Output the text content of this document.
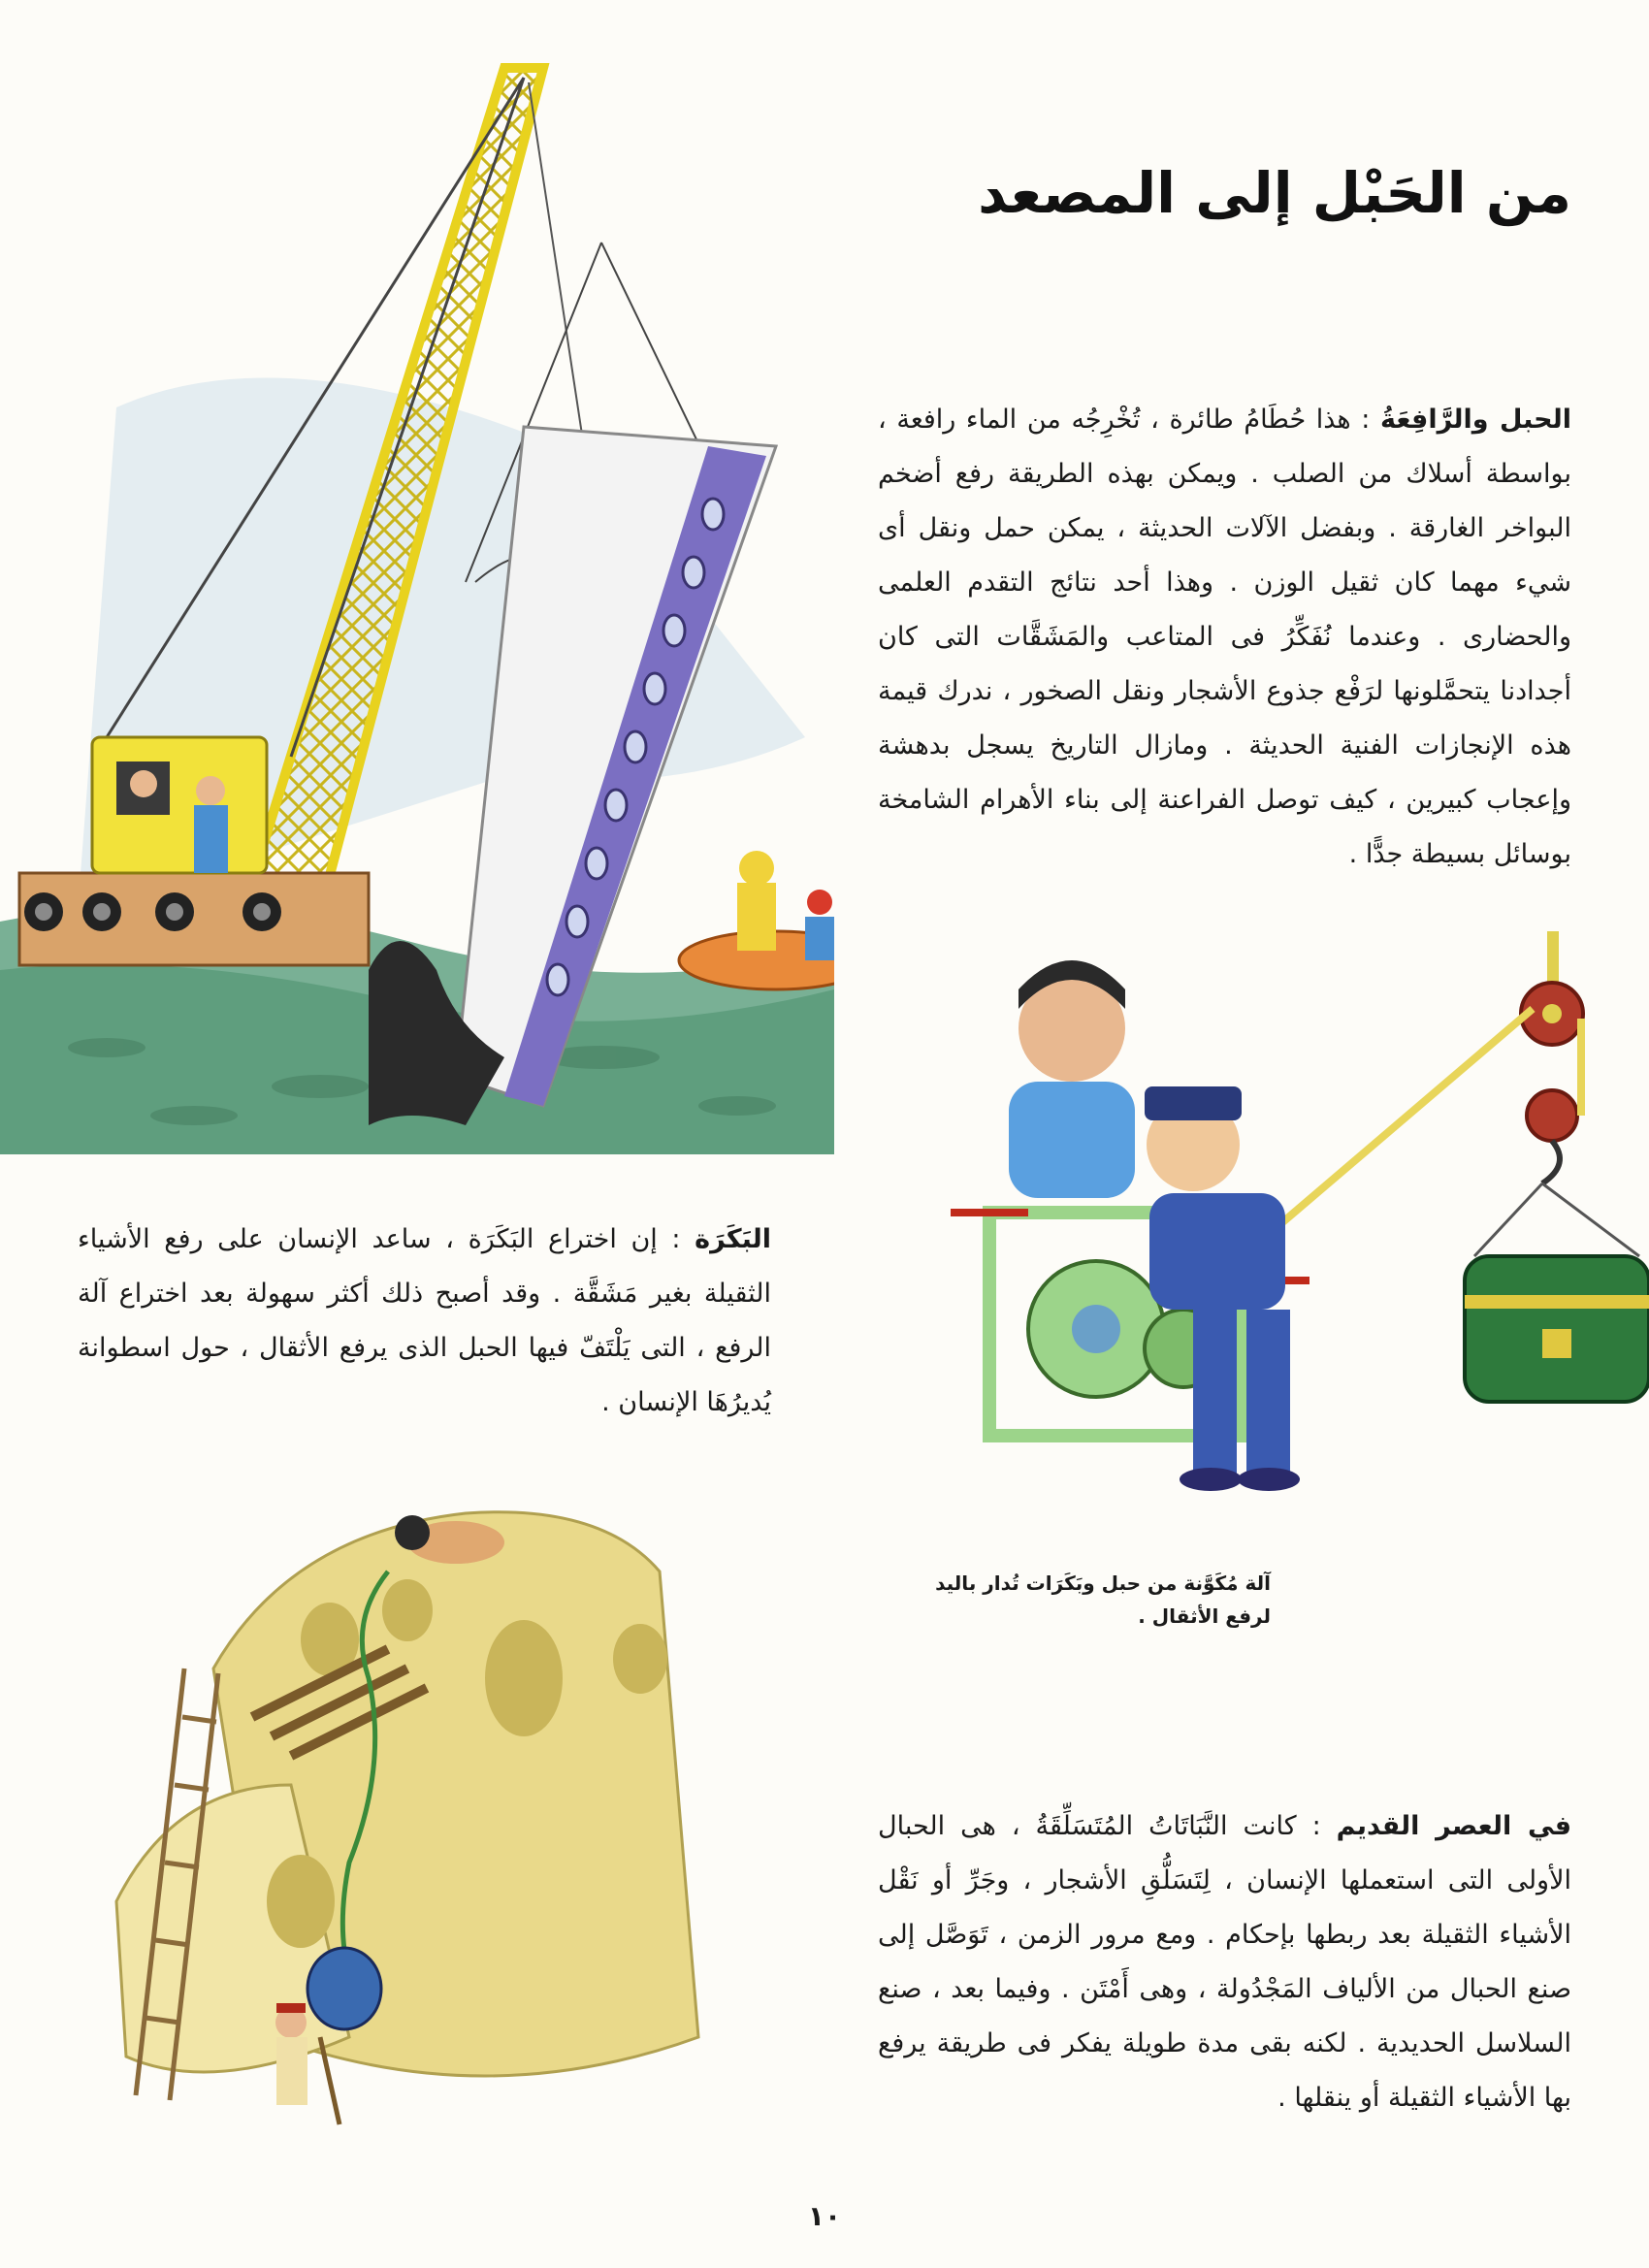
من الحَبْل إلى المصعد

الحبل والرَّافِعَةُ : هذا حُطَامُ طائرة ، تُخْرِجُه من الماء رافعة ، بواسطة أسلاك من الصلب . ويمكن بهذه الطريقة رفع أضخم البواخر الغارقة . وبفضل الآلات الحديثة ، يمكن حمل ونقل أى شيء مهما كان ثقيل الوزن . وهذا أحد نتائج التقدم العلمى والحضارى . وعندما نُفَكِّرُ فى المتاعب والمَشَقَّات التى كان أجدادنا يتحمَّلونها لرَفْع جذوع الأشجار ونقل الصخور ، ندرك قيمة هذه الإنجازات الفنية الحديثة . ومازال التاريخ يسجل بدهشة وإعجاب كبيرين ، كيف توصل الفراعنة إلى بناء الأهرام الشامخة بوسائل بسيطة جدًّا .

البَكَرَة : إن اختراع البَكَرَة ، ساعد الإنسان على رفع الأشياء الثقيلة بغير مَشَقَّة . وقد أصبح ذلك أكثر سهولة بعد اختراع آلة الرفع ، التى يَلْتَفّ فيها الحبل الذى يرفع الأثقال ، حول اسطوانة يُديرُهَا الإنسان .

آلة مُكَوَّنة من حبل وبَكَرَات تُدار باليد لرفع الأثقال .

في العصر القديم : كانت النَّبَاتَاتُ المُتَسَلِّقَةُ ، هى الحبال الأولى التى استعملها الإنسان ، لِتَسَلُّقِ الأشجار ، وجَرِّ أو نَقْل الأشياء الثقيلة بعد ربطها بإحكام . ومع مرور الزمن ، تَوَصَّل إلى صنع الحبال من الألياف المَجْدُولة ، وهى أَمْتَن . وفيما بعد ، صنع السلاسل الحديدية . لكنه بقى مدة طويلة يفكر فى طريقة يرفع بها الأشياء الثقيلة أو ينقلها .

١٠
